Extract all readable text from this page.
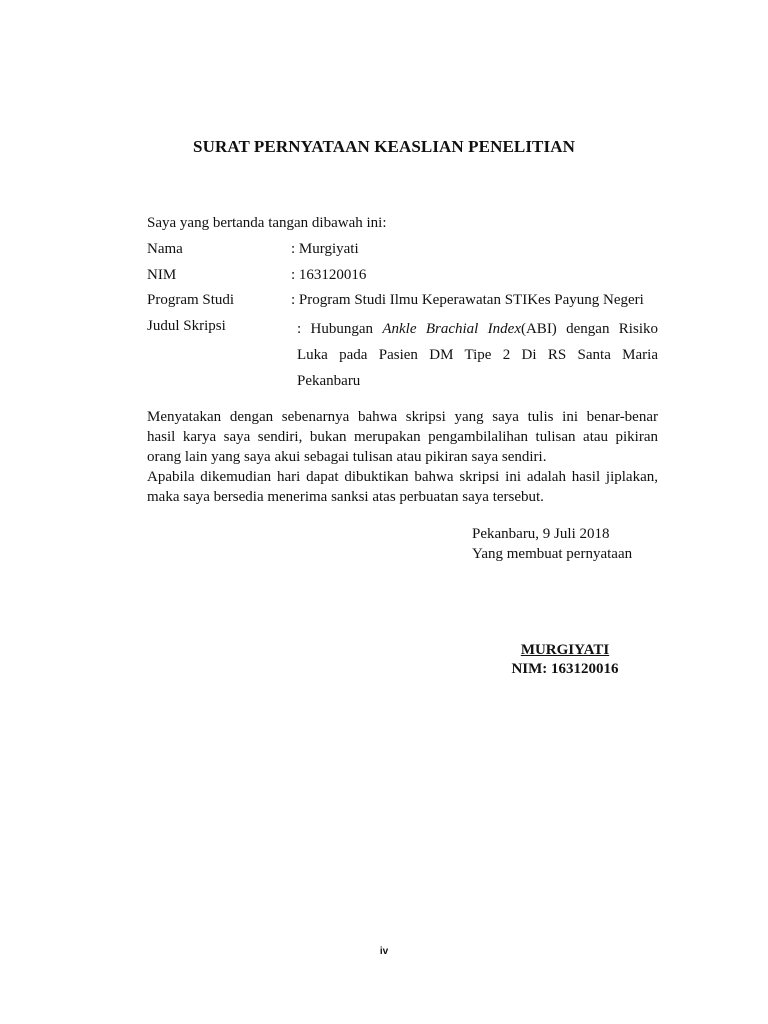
SURAT PERNYATAAN KEASLIAN PENELITIAN
Saya yang bertanda tangan dibawah ini:
Nama	: Murgiyati
NIM	: 163120016
Program Studi	: Program Studi Ilmu Keperawatan STIKes Payung Negeri
Judul Skripsi	: Hubungan Ankle Brachial Index(ABI) dengan Risiko
Luka pada Pasien DM Tipe 2 Di RS Santa Maria
Pekanbaru
Menyatakan dengan sebenarnya bahwa skripsi yang saya tulis ini benar-benar
hasil karya saya sendiri, bukan merupakan pengambilalihan tulisan atau pikiran
orang lain yang saya akui sebagai tulisan atau pikiran saya sendiri.
Apabila dikemudian hari dapat dibuktikan bahwa skripsi ini adalah hasil jiplakan,
maka saya bersedia menerima sanksi atas perbuatan saya tersebut.
Pekanbaru, 9 Juli 2018
Yang membuat pernyataan
MURGIYATI
NIM: 163120016
iv
